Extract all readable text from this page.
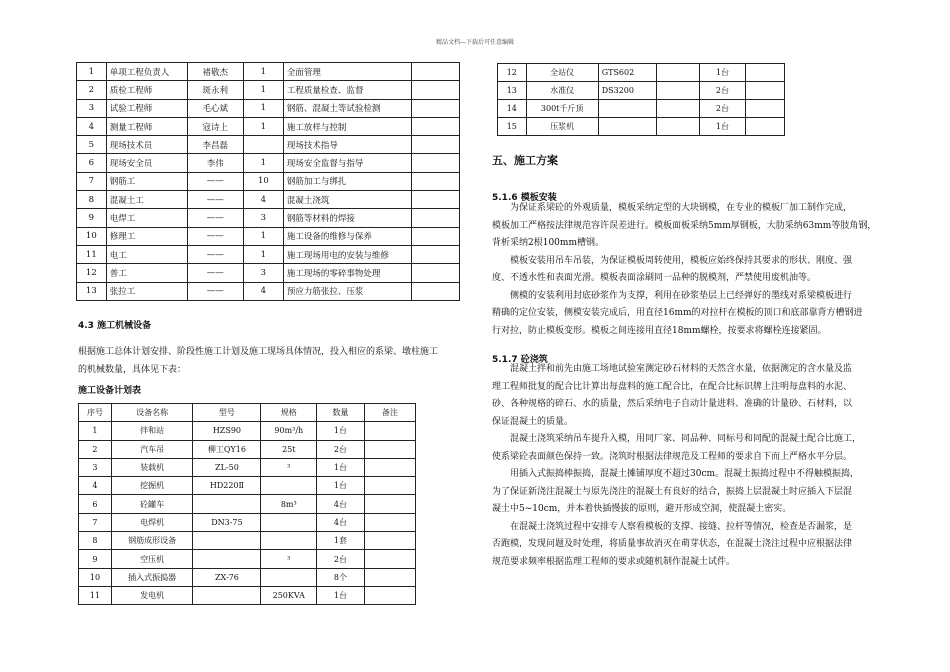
精品文档---下载后可任意编辑
1	单项工程负责人	褚敬杰	1	全面管理	
2	质检工程师	斑永利	1	工程质量检查、监督	
3	试验工程师	毛心斌	1	钢筋、混凝土等试验检测	
4	测量工程师	寇诗上	1	施工放样与控制	
5	现场技术员	李昌磊		现场技术指导	
6	现场安全员	李伟	1	现场安全监督与指导	
7	钢筋工	——	10	钢筋加工与绑扎	
8	混凝土工	——	4	混凝土浇筑	
9	电焊工	——	3	钢筋等材料的焊接	
10	修理工	——	1	施工设备的维修与保养	
11	电工	——	1	施工现场用电的安装与维修	
12	普工	——	3	施工现场的零碎事物处理	
13	张拉工	——	4	预应力筋张拉、压浆	
4.3 施工机械设备
根据施工总体计划安排、阶段性施工计划及施工现场具体情况，投入相应的系梁、墩柱施工
的机械数量，具体见下表：
施工设备计划表
序号	设备名称	型号	规格	数量	备注
1	拌和站	HZS90	90m³/h	1台	
2	汽车吊	柳工QY16	25t	2台	
3	装载机	ZL-50	³	1台	
4	挖掘机	HD220Ⅱ		1台	
6	砼罐车		8m³	4台	
7	电焊机	DN3-75		4台	
8	钢筋成形设备			1套	
9	空压机		³	2台	
10	插入式振捣器	ZX-76		8个	
11	发电机		250KVA	1台	
12	全站仪	GTS602		1台	
13	水准仪	DS3200		2台	
14	300t千斤顶			2台	
15	压浆机			1台	
五、施工方案
5.1.6 模板安装
为保证系梁砼的外观质量，模板采纳定型的大块钢模，在专业的模板厂加工制作完成，
模板加工严格按法律规范容许误差进行。模板面板采纳5mm厚钢板，大肋采纳63mm等肢角钢，
背析采纳2根100mm槽钢。
模板安装用吊车吊装，为保证模板周转使用，模板应始终保持其要求的形状、刚度、强
度、不透水性和表面光滑。模板表面涂刷同一品种的脱模剂，严禁使用废机油等。
侧模的安装利用封底砂浆作为支撑，利用在砂浆垫层上已经弹好的墨线对系梁模板进行
精确的定位安装，侧模安装完成后，用直径16mm的对拉杆在模板的顶口和底部靠背方槽钢进
行对拉，防止模板变形。模板之间连接用直径18mm螺栓，按要求将螺栓连接紧固。
5.1.7 砼浇筑
混凝土拌和前先由施工场地试验室测定砂石材料的天然含水量，依据测定的含水量及监
理工程师批复的配合比计算出每盘料的施工配合比，在配合比标识牌上注明每盘料的水泥、
砂、各种规格的碎石、水的质量，然后采纳电子自动计量进料、准确的计量砂、石材料，以
保证混凝土的质量。
混凝土浇筑采纳吊车提升入模，用同厂家、同品种、同标号和同配的混凝土配合比施工，
使系梁砼表面颜色保持一致。浇筑时根据法律规范及工程师的要求自下而上严格水平分层。
用插入式振捣棒振捣，混凝土摊铺厚度不超过30cm。混凝土振捣过程中不得触模振捣，
为了保证新浇注混凝土与原先浇注的混凝土有良好的结合，振捣上层混凝土时应插入下层混
凝土中5~10cm，并本着快插慢拔的原则，避开形成空洞，使混凝土密实。
在混凝土浇筑过程中安排专人察看模板的支撑、接缝、拉杆等情况，检查是否漏浆，是
否跑模，发现问题及时处理，将质量事故消灭在萌芽状态，在混凝土浇注过程中应根据法律
规范要求频率根据监理工程师的要求或随机制作混凝土试件。
